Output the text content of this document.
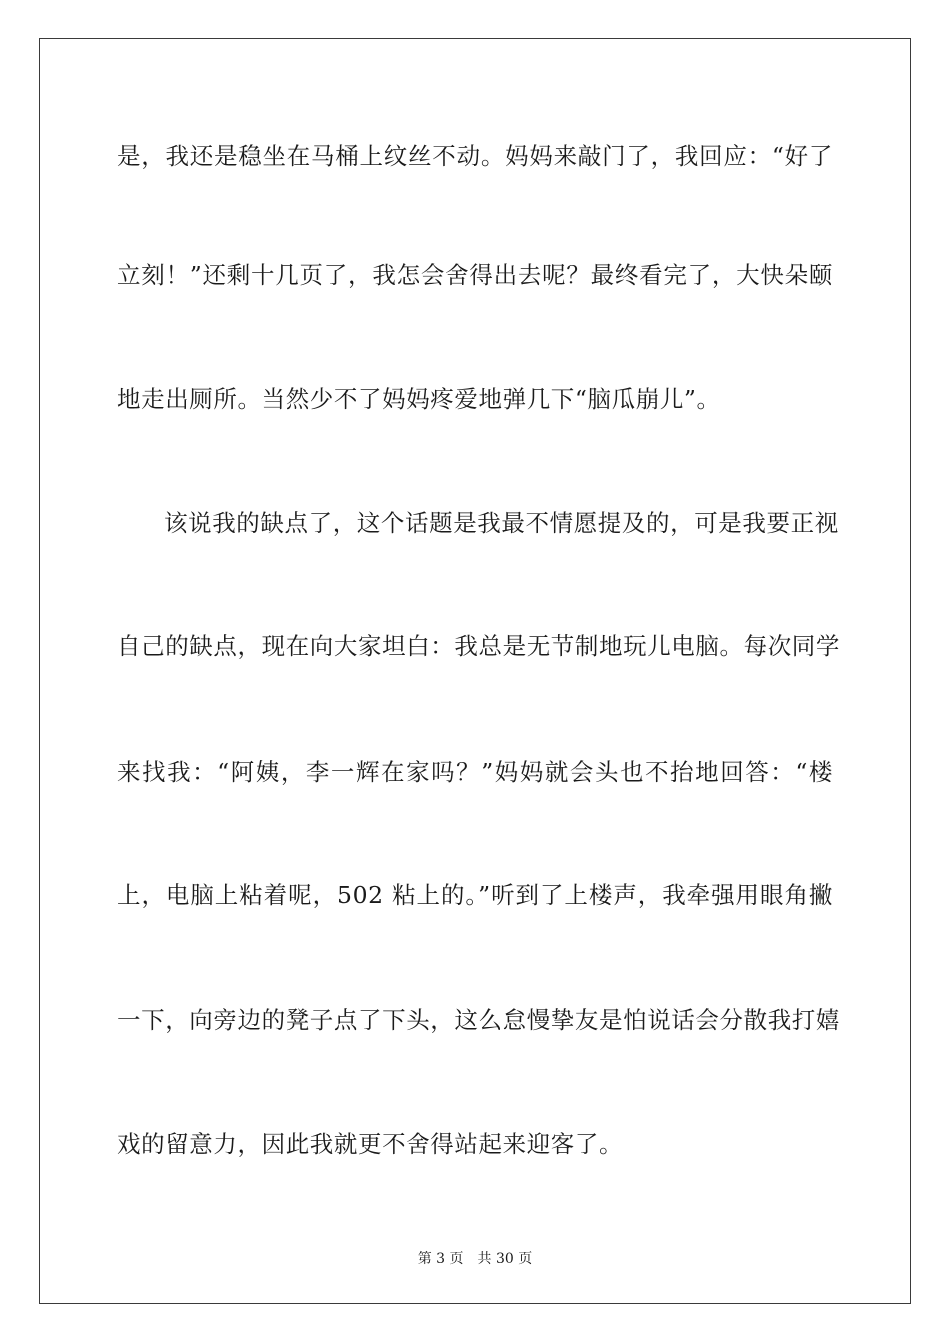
是，我还是稳坐在马桶上纹丝不动。妈妈来敲门了，我回应：“好了
立刻！”还剩十几页了，我怎会舍得出去呢？最终看完了，大快朵颐
地走出厕所。当然少不了妈妈疼爱地弹几下“脑瓜崩儿”。
该说我的缺点了，这个话题是我最不情愿提及的，可是我要正视
自己的缺点，现在向大家坦白：我总是无节制地玩儿电脑。每次同学
来找我：“阿姨，李一辉在家吗？”妈妈就会头也不抬地回答：“楼
上，电脑上粘着呢，502 粘上的。”听到了上楼声，我牵强用眼角撇
一下，向旁边的凳子点了下头，这么怠慢挚友是怕说话会分散我打嬉
戏的留意力，因此我就更不舍得站起来迎客了。
第 3 页 共 30 页
